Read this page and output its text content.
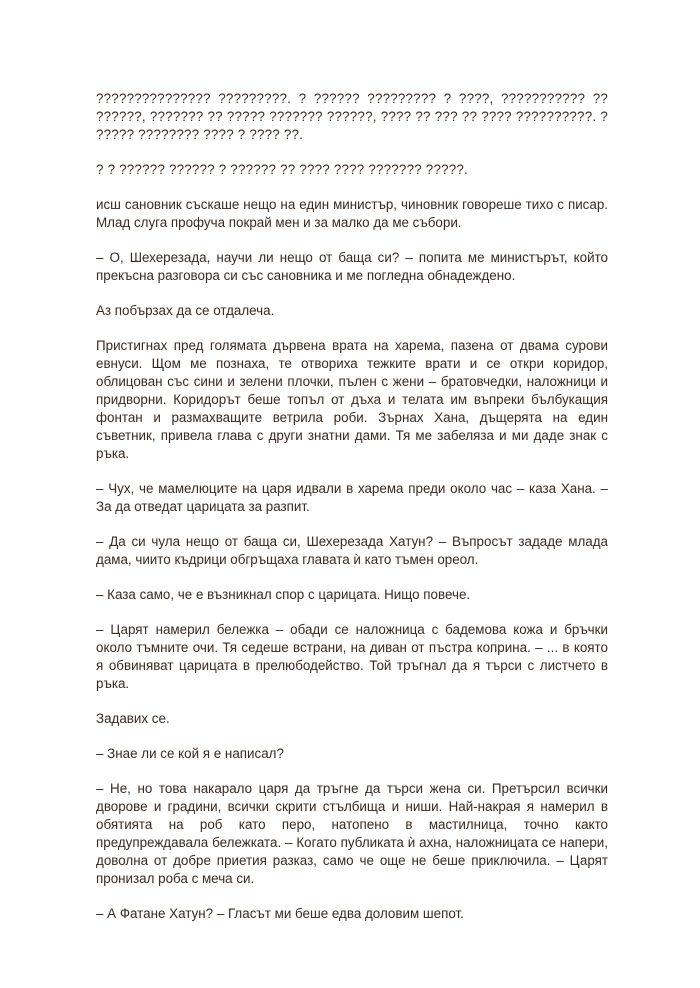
??????????????? ?????????. ? ?????? ????????? ? ????, ??????????? ?? ??????, ??????? ?? ????? ??????? ??????, ???? ?? ??? ?? ???? ??????????. ? ????? ???????? ???? ? ???? ??.

? ? ?????? ?????? ? ?????? ?? ???? ???? ??????? ?????.

исш сановник съскаше нещо на един министър, чиновник говореше тихо с писар. Млад слуга профуча покрай мен и за малко да ме събори.

– О, Шехерезада, научи ли нещо от баща си? – попита ме министърът, който прекъсна разговора си със сановника и ме погледна обнадеждено.

Аз побързах да се отдалеча.

Пристигнах пред голямата дървена врата на харема, пазена от двама сурови евнуси. Щом ме познаха, те отвориха тежките врати и се откри коридор, облицован със сини и зелени плочки, пълен с жени – братовчедки, наложници и придворни. Коридорът беше топъл от дъха и телата им въпреки бълбукащия фонтан и размахващите ветрила роби. Зърнах Хана, дъщерята на един съветник, привела глава с други знатни дами. Тя ме забеляза и ми даде знак с ръка.

– Чух, че мамелюците на царя идвали в харема преди около час – каза Хана. – За да отведат царицата за разпит.

– Да си чула нещо от баща си, Шехерезада Хатун? – Въпросът зададе млада дама, чиито къдрици обгръщаха главата ѝ като тъмен ореол.

– Каза само, че е възникнал спор с царицата. Нищо повече.

– Царят намерил бележка – обади се наложница с бадемова кожа и бръчки около тъмните очи. Тя седеше встрани, на диван от пъстра коприна. – ... в която я обвиняват царицата в прелюбодейство. Той тръгнал да я търси с листчето в ръка.

Задавих се.

– Знае ли се кой я е написал?

– Не, но това накарало царя да тръгне да търси жена си. Претърсил всички дворове и градини, всички скрити стълбища и ниши. Най-накрая я намерил в обятията на роб като перо, натопено в мастилница, точно както предупреждавала бележката. – Когато публиката ѝ ахна, наложницата се напери, доволна от добре приетия разказ, само че още не беше приключила. – Царят пронизал роба с меча си.

– А Фатане Хатун? – Гласът ми беше едва доловим шепот.
